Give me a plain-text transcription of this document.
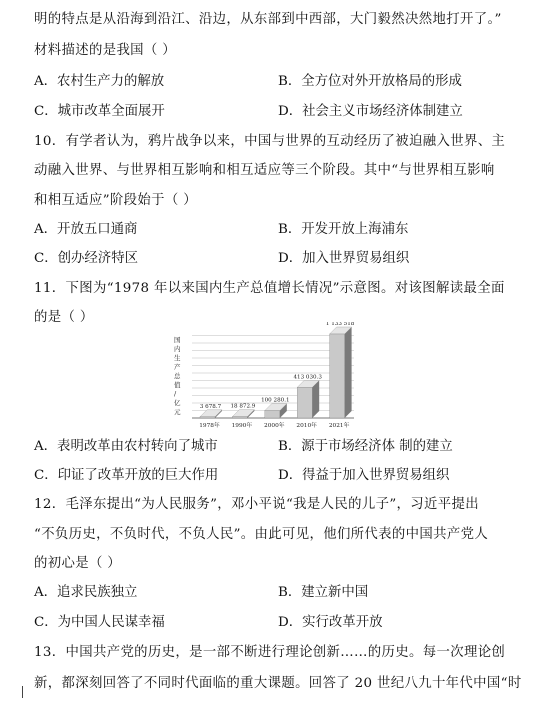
明的特点是从沿海到沿江、沿边，从东部到中西部，大门毅然决然地打开了。”
材料描述的是我国（ ）
A．农村生产力的解放	B．全方位对外开放格局的形成
C．城市改革全面展开	D．社会主义市场经济体制建立
10．有学者认为，鸦片战争以来，中国与世界的互动经历了被迫融入世界、主
动融入世界、与世界相互影响和相互适应等三个阶段。其中“与世界相互影响
和相互适应”阶段始于（ ）
A．开放五口通商	B．开发开放上海浦东
C．创办经济特区	D．加入世界贸易组织
11．下图为“1978 年以来国内生产总值增长情况”示意图。对该图解读最全面
的是（ ）
国内生产总值/亿元
3 678.7 18 872.9
100 280.1
413 030.3
1 133 518
1978年 1990年 2000年 2010年 2021年
A．表明改革由农村转向了城市	B．源于市场经济体 制的建立
C．印证了改革开放的巨大作用	D．得益于加入世界贸易组织
12．毛泽东提出“为人民服务”，邓小平说“我是人民的儿子”，习近平提出
“不负历史，不负时代，不负人民”。由此可见，他们所代表的中国共产党人
的初心是（ ）
A．追求民族独立	B．建立新中国
C．为中国人民谋幸福	D．实行改革开放
13．中国共产党的历史，是一部不断进行理论创新……的历史。每一次理论创
新，都深刻回答了不同时代面临的重大课题。回答了 20 世纪八九十年代中国“时
